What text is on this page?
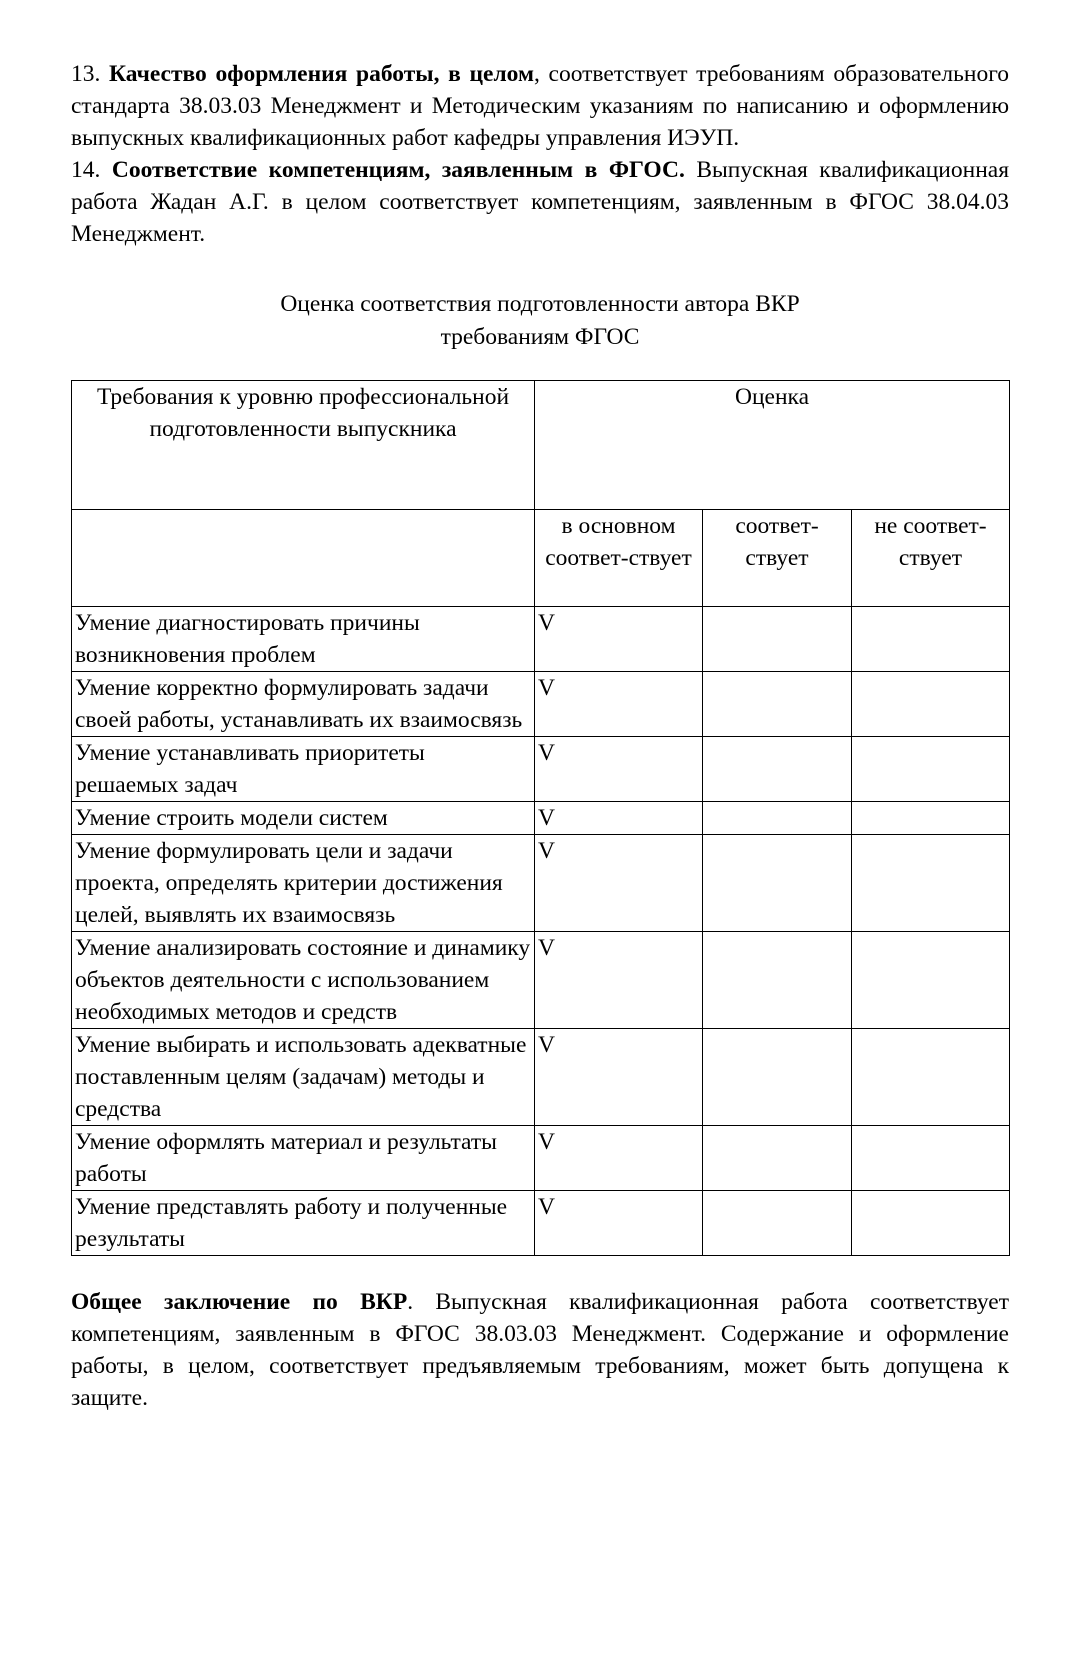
13. Качество оформления работы, в целом, соответствует требованиям образовательного стандарта 38.03.03 Менеджмент и Методическим указаниям по написанию и оформлению выпускных квалификационных работ кафедры управления ИЭУП.

14. Соответствие компетенциям, заявленным в ФГОС. Выпускная квалификационная работа Жадан А.Г. в целом соответствует компетенциям, заявленным в ФГОС 38.04.03 Менеджмент.

Оценка соответствия подготовленности автора ВКР
требованиям ФГОС
Требования к уровню профессиональной подготовленности выпускника	Оценка		
	в основном соответ-ствует	соответ-ствует	не соответ-ствует
Умение диагностировать причины возникновения проблем	V		
Умение корректно формулировать задачи своей работы, устанавливать их взаимосвязь	V		
Умение устанавливать приоритеты решаемых задач	V		
Умение строить модели систем	V		
Умение формулировать цели и задачи проекта, определять критерии достижения целей, выявлять их взаимосвязь	V		
Умение анализировать состояние и динамику объектов деятельности с использованием необходимых методов и средств	V		
Умение выбирать и использовать адекватные поставленным целям (задачам) методы и средства	V		
Умение оформлять материал и результаты работы	V		
Умение представлять работу и полученные результаты	V		

Общее заключение по ВКР. Выпускная квалификационная работа соответствует компетенциям, заявленным в ФГОС 38.03.03 Менеджмент. Содержание и оформление работы, в целом, соответствует предъявляемым требованиям, может быть допущена к защите.
